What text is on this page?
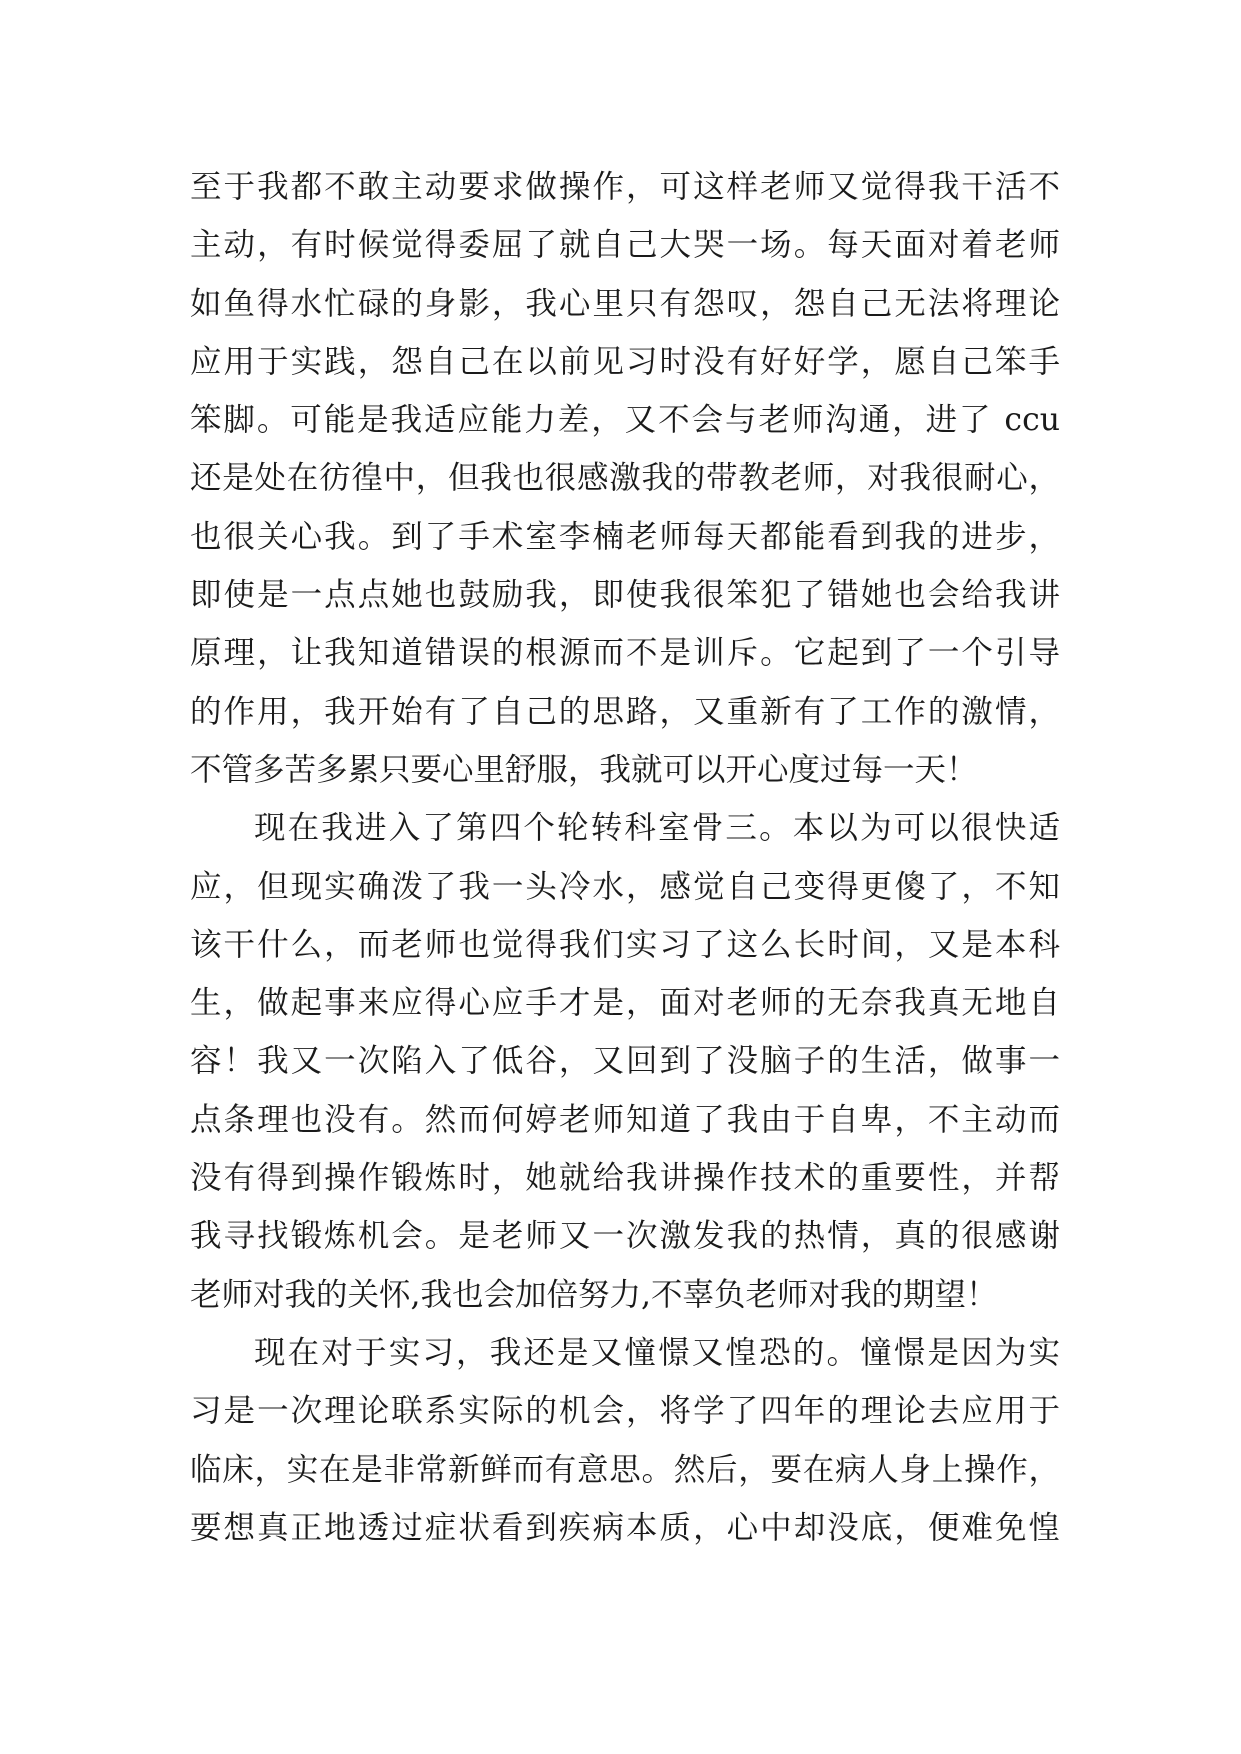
至于我都不敢主动要求做操作，可这样老师又觉得我干活不
主动，有时候觉得委屈了就自己大哭一场。每天面对着老师
如鱼得水忙碌的身影，我心里只有怨叹，怨自己无法将理论
应用于实践，怨自己在以前见习时没有好好学，愿自己笨手
笨脚。可能是我适应能力差，又不会与老师沟通，进了 ccu
还是处在彷徨中，但我也很感激我的带教老师，对我很耐心，
也很关心我。到了手术室李楠老师每天都能看到我的进步，
即使是一点点她也鼓励我，即使我很笨犯了错她也会给我讲
原理，让我知道错误的根源而不是训斥。它起到了一个引导
的作用，我开始有了自己的思路，又重新有了工作的激情，
不管多苦多累只要心里舒服，我就可以开心度过每一天！
现在我进入了第四个轮转科室骨三。本以为可以很快适
应，但现实确泼了我一头冷水，感觉自己变得更傻了，不知
该干什么，而老师也觉得我们实习了这么长时间，又是本科
生，做起事来应得心应手才是，面对老师的无奈我真无地自
容！我又一次陷入了低谷，又回到了没脑子的生活，做事一
点条理也没有。然而何婷老师知道了我由于自卑，不主动而
没有得到操作锻炼时，她就给我讲操作技术的重要性，并帮
我寻找锻炼机会。是老师又一次激发我的热情，真的很感谢
老师对我的关怀,我也会加倍努力,不辜负老师对我的期望！
现在对于实习，我还是又憧憬又惶恐的。憧憬是因为实
习是一次理论联系实际的机会，将学了四年的理论去应用于
临床，实在是非常新鲜而有意思。然后，要在病人身上操作，
要想真正地透过症状看到疾病本质，心中却没底，便难免惶
